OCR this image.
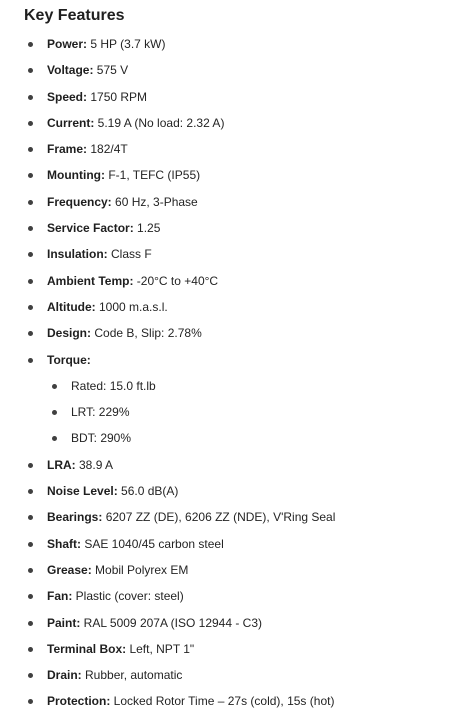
Key Features
Power: 5 HP (3.7 kW)
Voltage: 575 V
Speed: 1750 RPM
Current: 5.19 A (No load: 2.32 A)
Frame: 182/4T
Mounting: F-1, TEFC (IP55)
Frequency: 60 Hz, 3-Phase
Service Factor: 1.25
Insulation: Class F
Ambient Temp: -20°C to +40°C
Altitude: 1000 m.a.s.l.
Design: Code B, Slip: 2.78%
Torque:
Rated: 15.0 ft.lb
LRT: 229%
BDT: 290%
LRA: 38.9 A
Noise Level: 56.0 dB(A)
Bearings: 6207 ZZ (DE), 6206 ZZ (NDE), V'Ring Seal
Shaft: SAE 1040/45 carbon steel
Grease: Mobil Polyrex EM
Fan: Plastic (cover: steel)
Paint: RAL 5009 207A (ISO 12944 - C3)
Terminal Box: Left, NPT 1"
Drain: Rubber, automatic
Protection: Locked Rotor Time – 27s (cold), 15s (hot)
